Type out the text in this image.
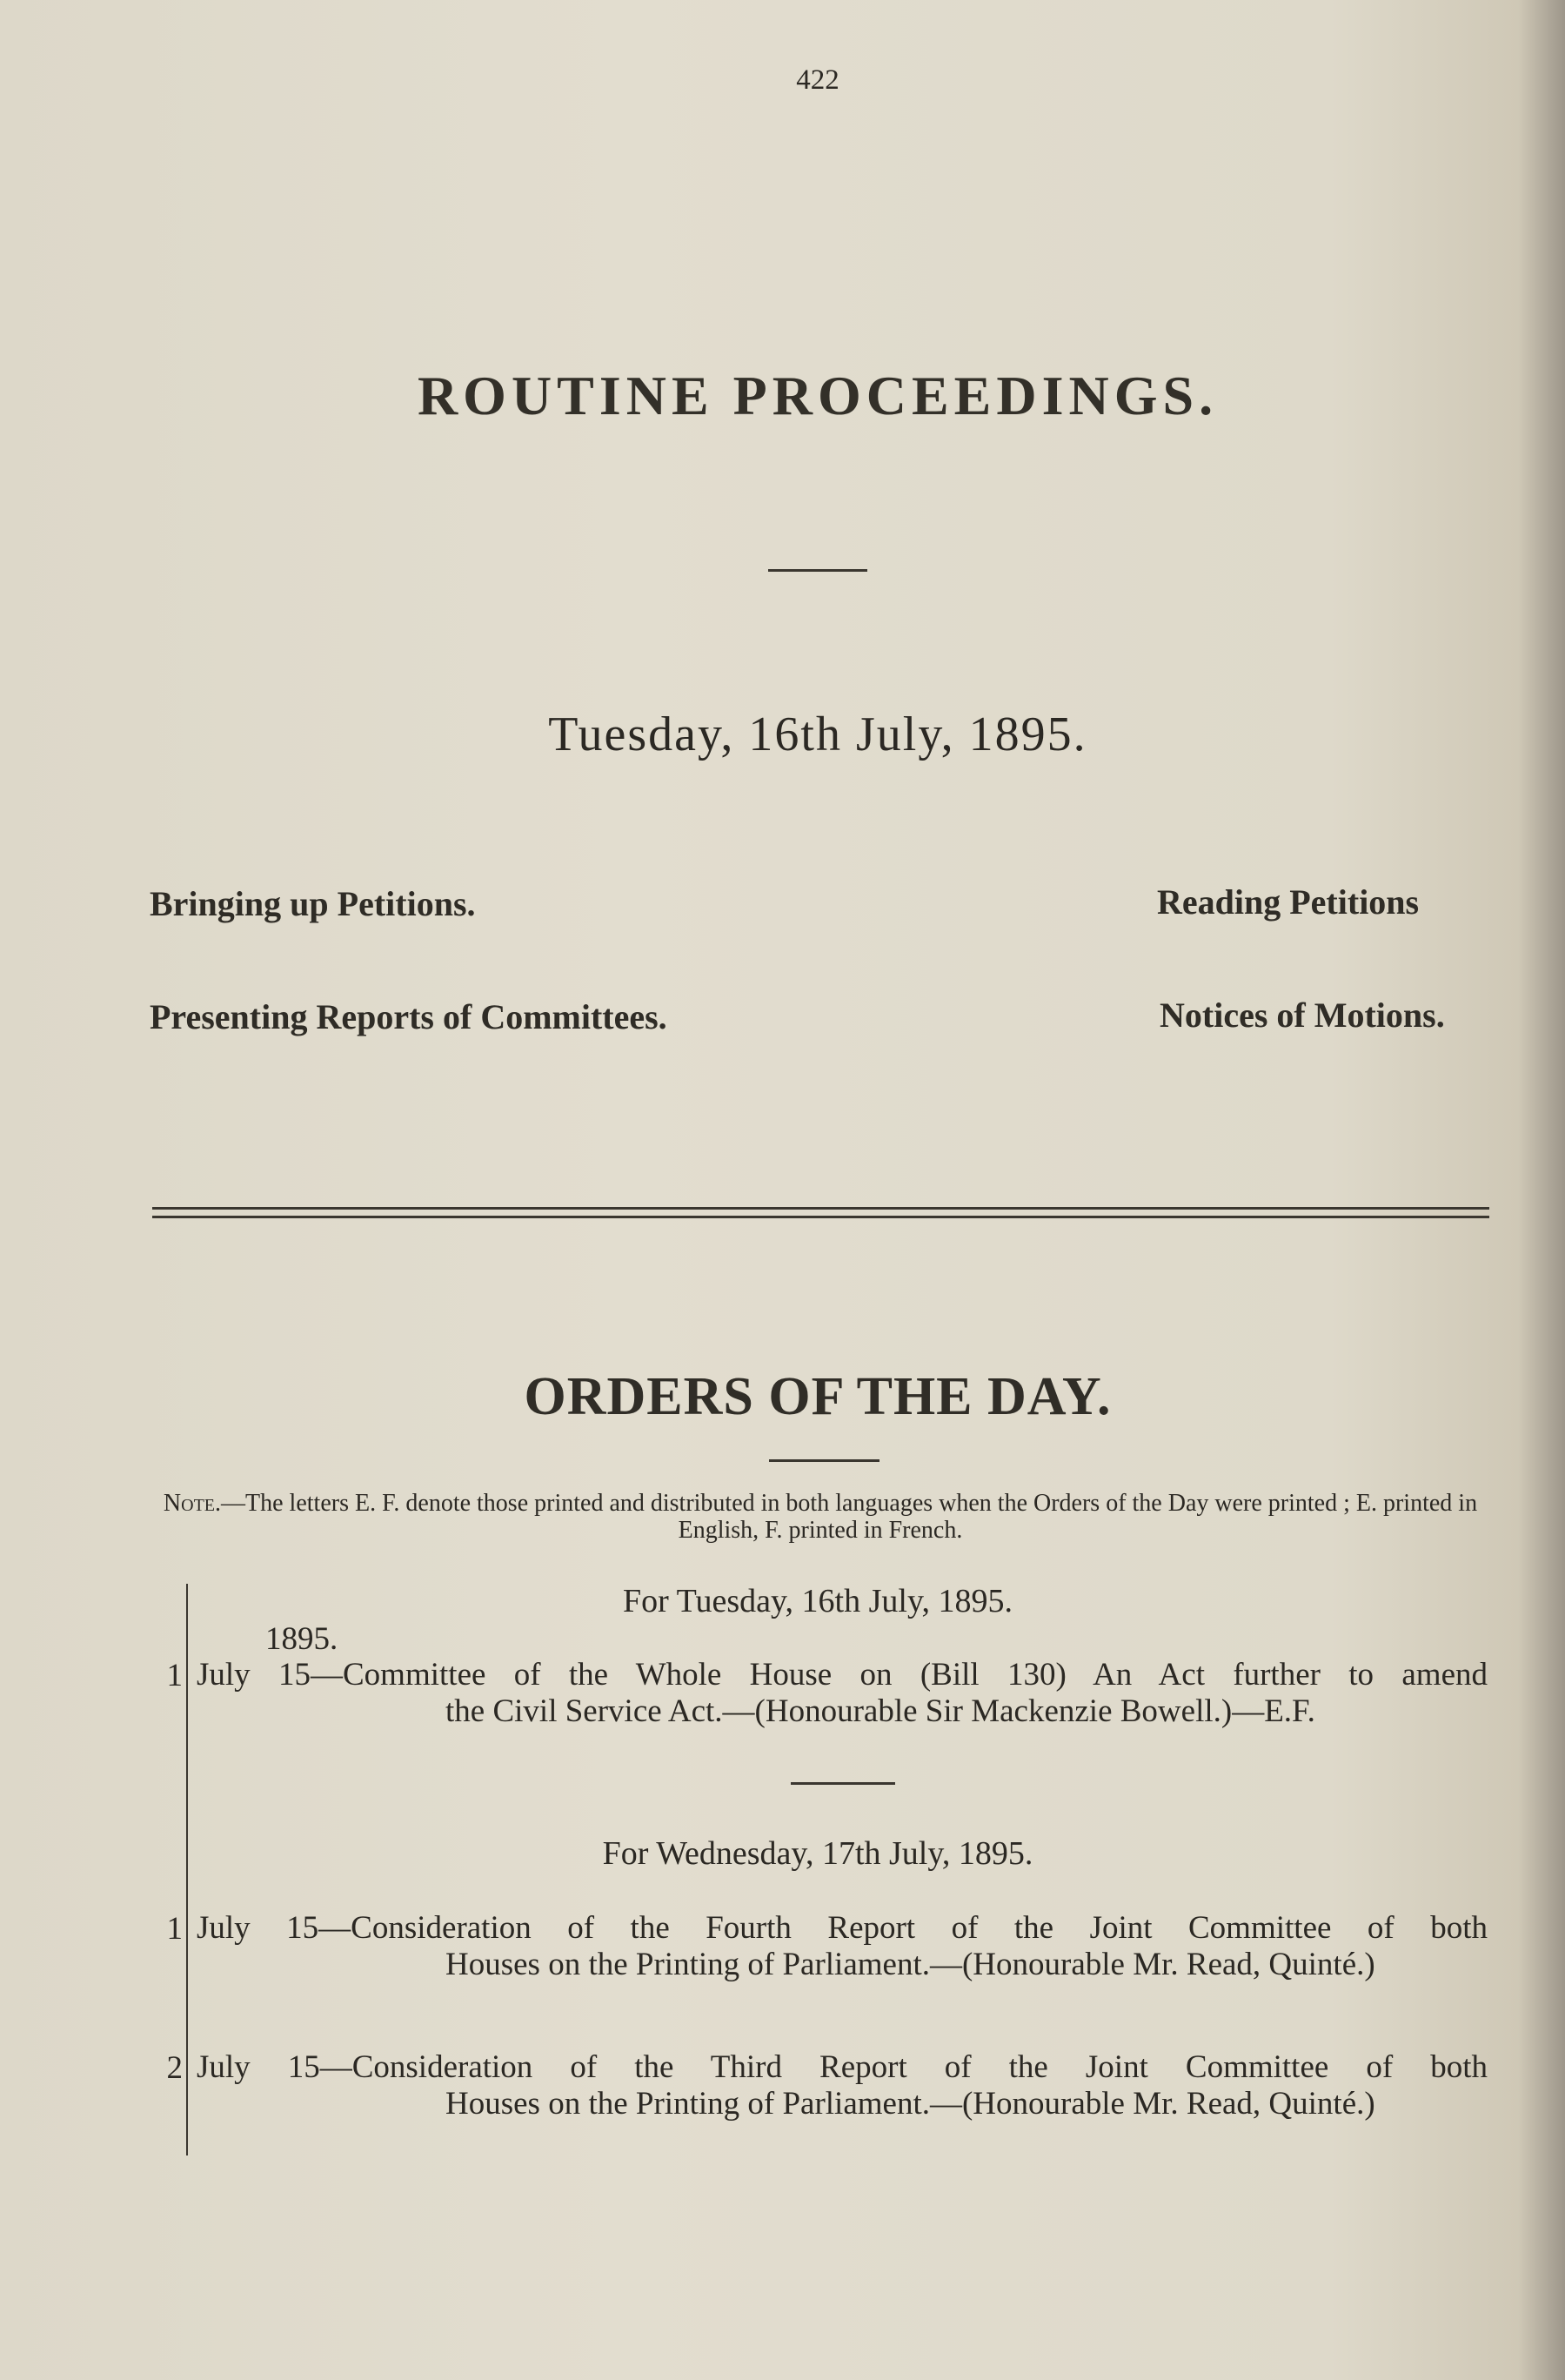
422
ROUTINE PROCEEDINGS.
Tuesday, 16th July, 1895.
Bringing up Petitions.	Reading Petitions
Presenting Reports of Committees.	Notices of Motions.
ORDERS OF THE DAY.
Note.—The letters E. F. denote those printed and distributed in both languages when the Orders of the Day were printed ; E. printed in English, F. printed in French.
For Tuesday, 16th July, 1895.
1895.
1 July 15—Committee of the Whole House on (Bill 130) An Act further to amend
the Civil Service Act.—(Honourable Sir Mackenzie Bowell.)—E.F.
For Wednesday, 17th July, 1895.
1 July 15—Consideration of the Fourth Report of the Joint Committee of both
Houses on the Printing of Parliament.—(Honourable Mr. Read, Quinté.)
2 July 15—Consideration of the Third Report of the Joint Committee of both
Houses on the Printing of Parliament.—(Honourable Mr. Read, Quinté.)
